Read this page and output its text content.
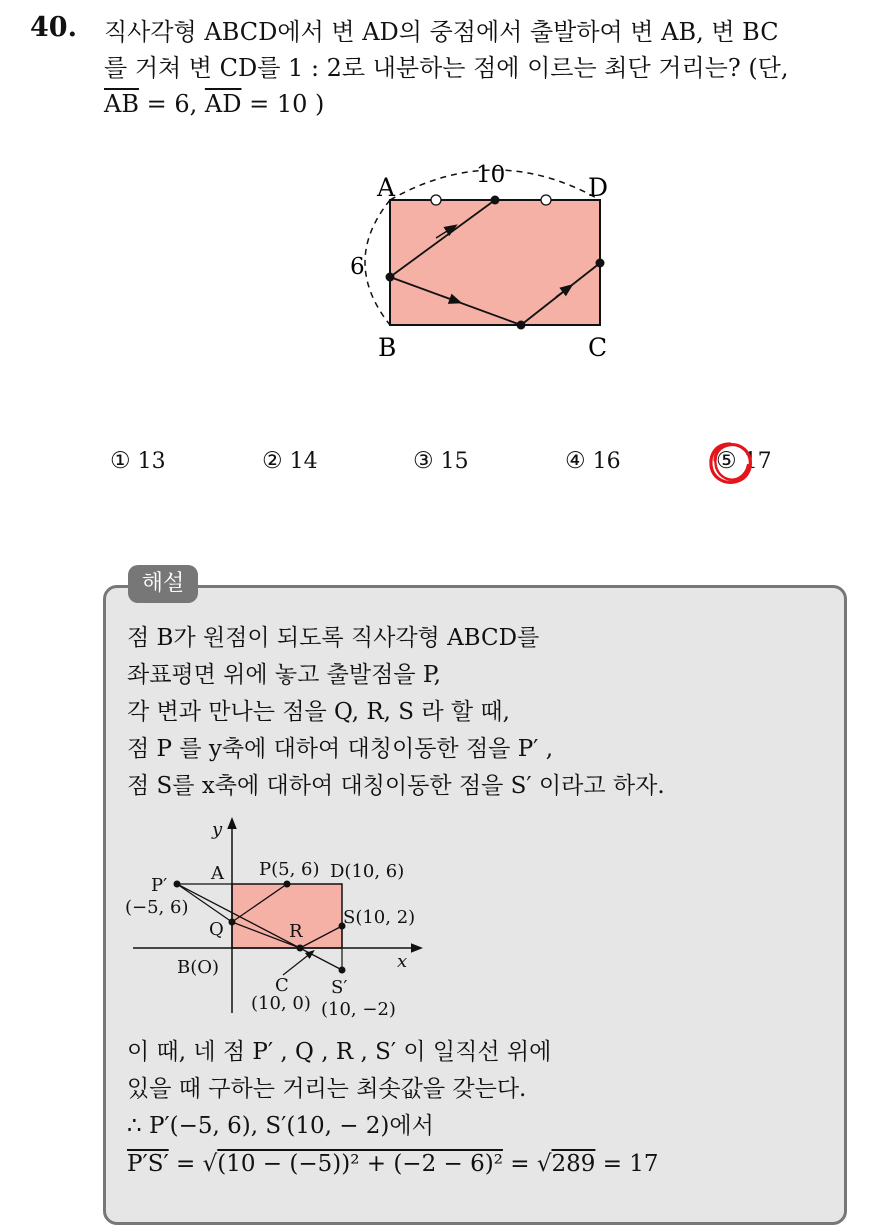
40. 직사각형 ABCD에서 변 AD의 중점에서 출발하여 변 AB, 변 BC
를 거쳐 변 CD를 1 : 2로 내분하는 점에 이르는 최단 거리는? (단,
$\overline{AB} = 6$, $\overline{AD} = 10$ )
A	D
B	C
10
6
① 13	② 14	③ 15	④ 16	⑤ 17
해설
점 B가 원점이 되도록 직사각형 ABCD를
좌표평면 위에 놓고 출발점을 P,
각 변과 만나는 점을 Q, R, S 라 할 때,
점 P 를 y축에 대하여 대칭이동한 점을 P′ ,
점 S를 x축에 대하여 대칭이동한 점을 S′ 이라고 하자.
y
x
A P(5, 6) D(10, 6)
P′
(−5, 6)
Q	R
S(10, 2)
B(O)
C
(10, 0)
S′
(10, −2)
이 때, 네 점 P′ , Q , R , S′ 이 일직선 위에
있을 때 구하는 거리는 최솟값을 갖는다.
∴ P′(−5, 6), S′(10, − 2)에서
P′S′ = √(10 − (−5))² + (−2 − 6)² = √289 = 17
